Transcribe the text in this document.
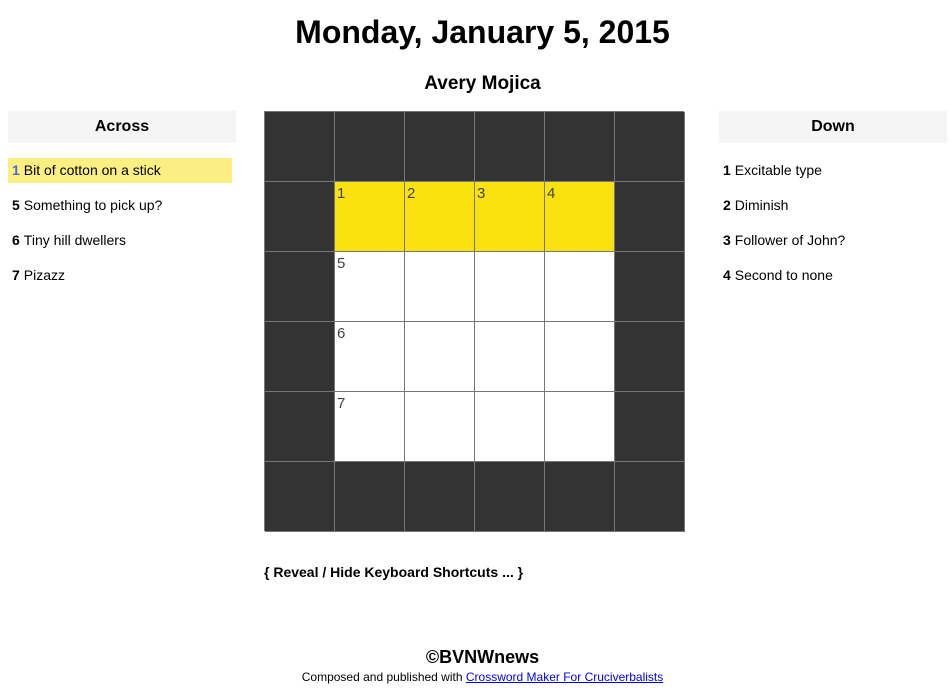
Monday, January 5, 2015
Avery Mojica
Across
1 Bit of cotton on a stick
5 Something to pick up?
6 Tiny hill dwellers
7 Pizazz
1	2	3	4
5
6
7
Down
1 Excitable type
2 Diminish
3 Follower of John?
4 Second to none
{ Reveal / Hide Keyboard Shortcuts ... }
©BVNWnews
Composed and published with Crossword Maker For Cruciverbalists
